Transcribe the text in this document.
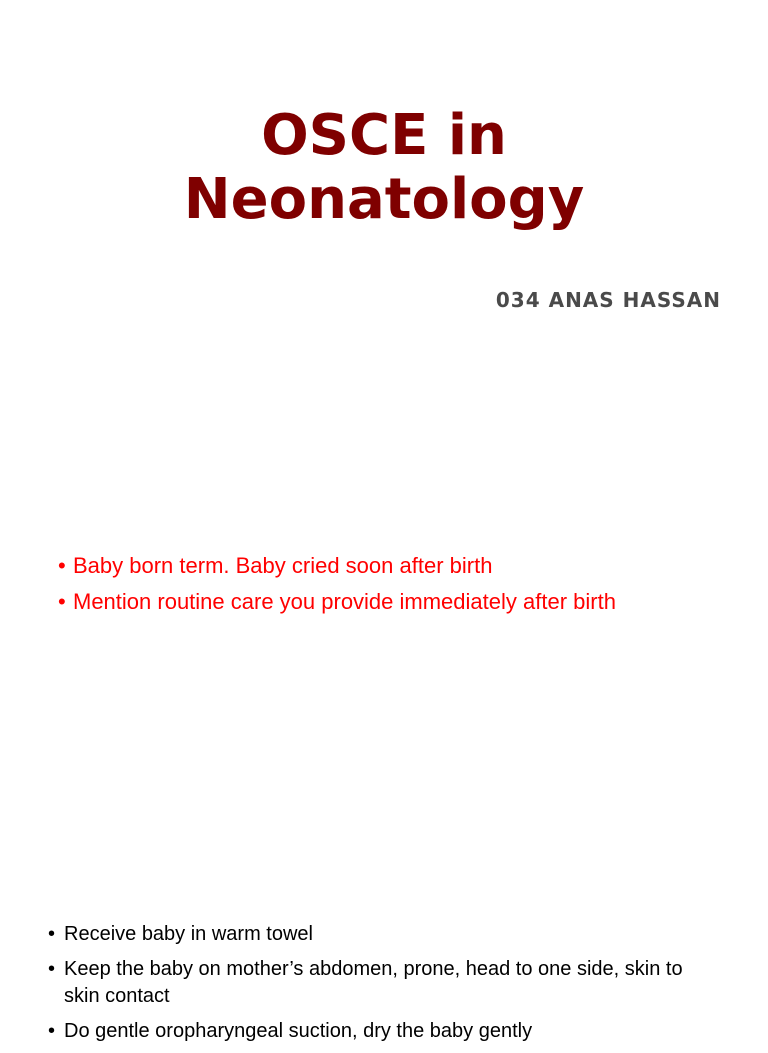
OSCE in
Neonatology
034 ANAS HASSAN
• Baby born term. Baby cried soon after birth
• Mention routine care you provide immediately after birth
• Receive baby in warm towel
• Keep the baby on mother’s abdomen, prone, head to one side, skin to skin contact
• Do gentle oropharyngeal suction, dry the baby gently
